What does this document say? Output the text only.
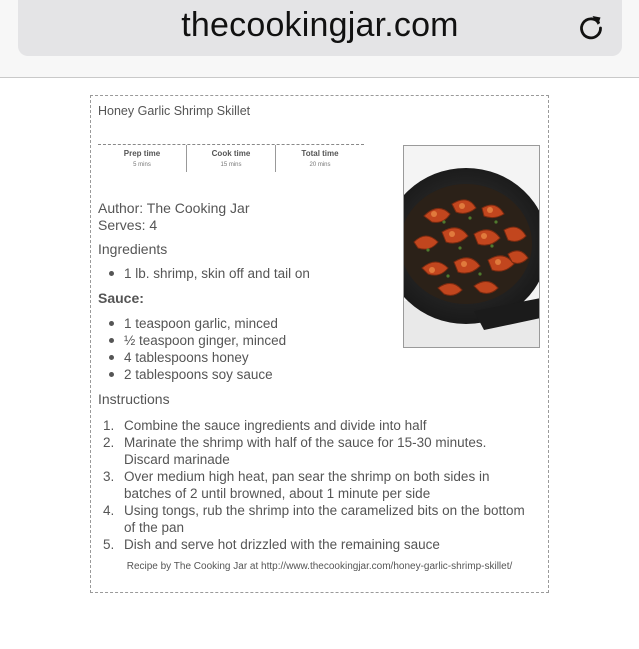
thecookingjar.com
Honey Garlic Shrimp Skillet
Prep time
5 mins
Cook time
15 mins
Total time
20 mins
Author: The Cooking Jar
Serves: 4
Ingredients
1 lb. shrimp, skin off and tail on
Sauce:
1 teaspoon garlic, minced
½ teaspoon ginger, minced
4 tablespoons honey
2 tablespoons soy sauce
Instructions
1. Combine the sauce ingredients and divide into half
2. Marinate the shrimp with half of the sauce for 15-30 minutes. Discard marinade
3. Over medium high heat, pan sear the shrimp on both sides in batches of 2 until browned, about 1 minute per side
4. Using tongs, rub the shrimp into the caramelized bits on the bottom of the pan
5. Dish and serve hot drizzled with the remaining sauce
Recipe by The Cooking Jar at http://www.thecookingjar.com/honey-garlic-shrimp-skillet/
